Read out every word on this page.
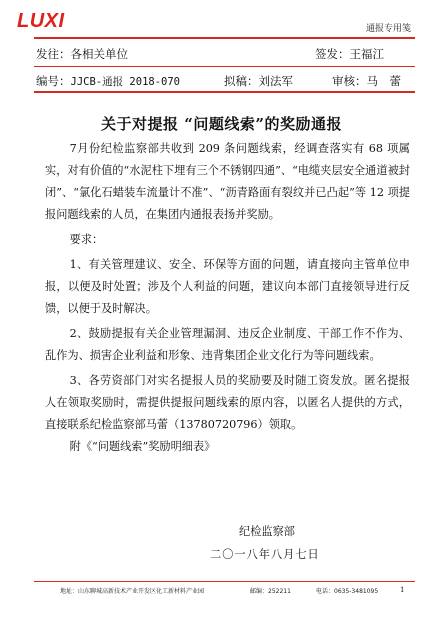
LUXI	通报专用笺
发往：各相关单位	签发：王福江
编号：JJCB-通报 2018-070	拟稿：刘法军	审核：马　蕾
关于对提报 “问题线索”的奖励通报

7月份纪检监察部共收到 209 条问题线索，经调查落实有 68 项属实，对有价值的“水泥柱下埋有三个不锈钢四通”、“电缆夹层安全通道被封闭”、“氯化石蜡装车流量计不准”、“沥青路面有裂纹并已凸起”等 12 项提报问题线索的人员，在集团内通报表扬并奖励。

要求：

1、有关管理建议、安全、环保等方面的问题，请直接向主管单位申报，以便及时处置；涉及个人利益的问题，建议向本部门直接领导进行反馈，以便于及时解决。

2、鼓励提报有关企业管理漏洞、违反企业制度、干部工作不作为、乱作为、损害企业利益和形象、违背集团企业文化行为等问题线索。

3、各劳资部门对实名提报人员的奖励要及时随工资发放。匿名提报人在领取奖励时，需提供提报问题线索的原内容，以匿名人提供的方式，直接联系纪检监察部马蕾（13780720796）领取。

附《“问题线索”奖励明细表》

纪检监察部
二〇一八年八月七日
地址：山东聊城高新技术产业开发区化工新材料产业园	邮编：252211	电话：0635-3481095	1
